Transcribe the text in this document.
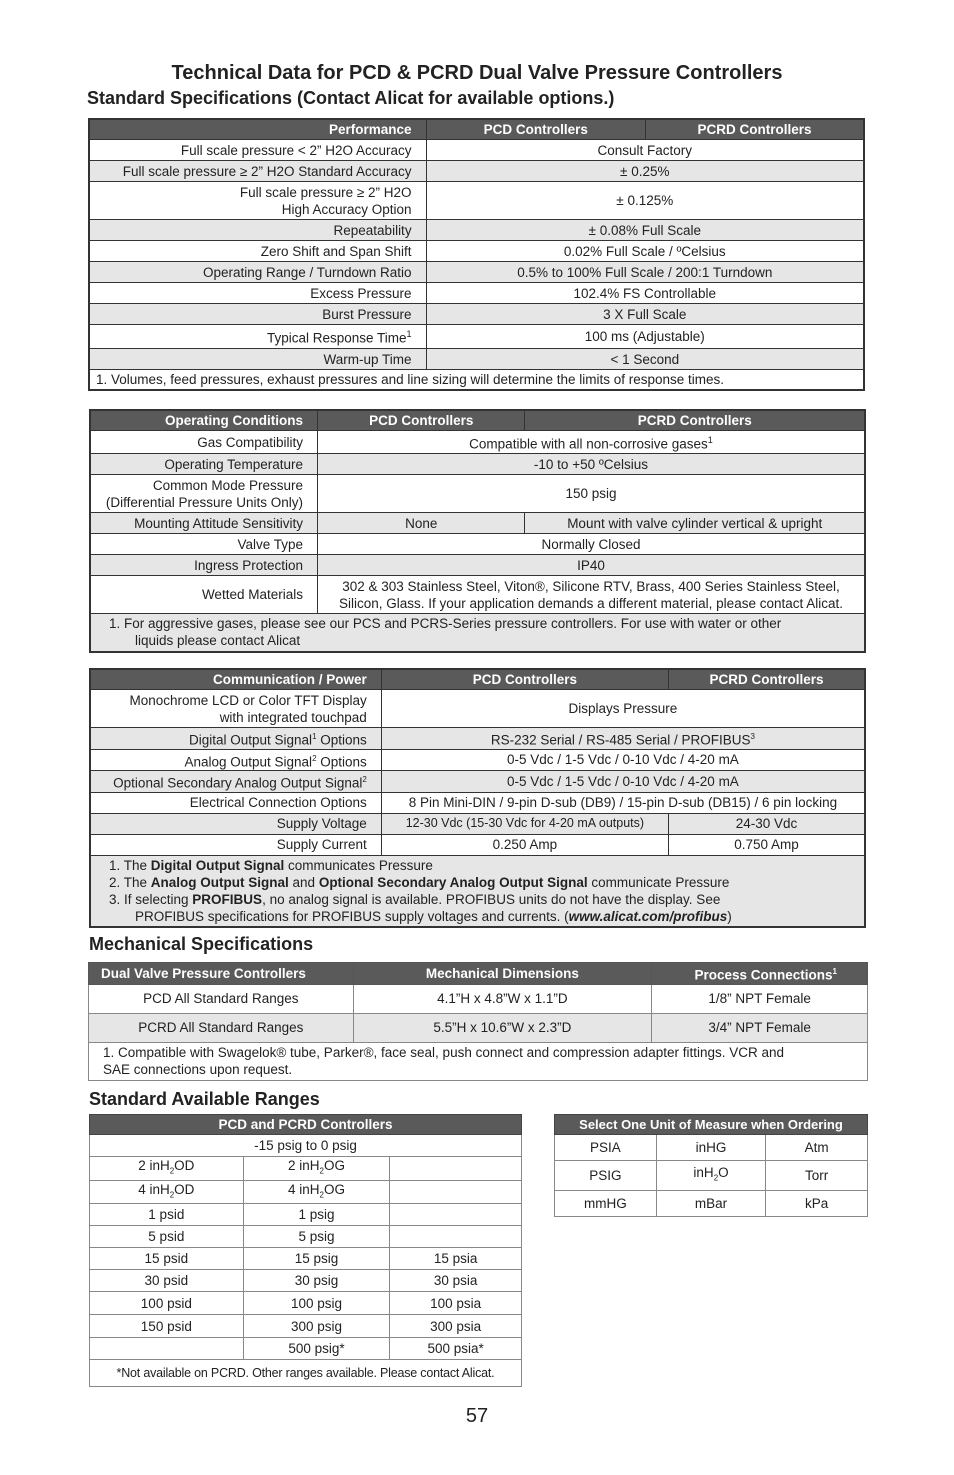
Technical Data for PCD & PCRD Dual Valve Pressure Controllers
Standard Specifications (Contact Alicat for available options.)
Performance	PCD Controllers	PCRD Controllers
Full scale pressure < 2” H2O Accuracy	Consult Factory	
Full scale pressure ≥ 2” H2O Standard Accuracy	± 0.25%	
Full scale pressure ≥ 2” H2O
High Accuracy Option	± 0.125%	
Repeatability	± 0.08% Full Scale	
Zero Shift and Span Shift	0.02% Full Scale / ºCelsius	
Operating Range / Turndown Ratio	0.5% to 100% Full Scale / 200:1 Turndown	
Excess Pressure	102.4% FS Controllable	
Burst Pressure	3 X Full Scale	
Typical Response Time$^1$	100 ms (Adjustable)	
Warm-up Time	< 1 Second	
1. Volumes, feed pressures, exhaust pressures and line sizing will determine the limits of response times.		
Operating Conditions	PCD Controllers	PCRD Controllers
Gas Compatibility	Compatible with all non-corrosive gases$^1$
Operating Temperature	-10 to +50 ºCelsius	
Common Mode Pressure
(Differential Pressure Units Only)	150 psig	
Mounting Attitude Sensitivity	None	Mount with valve cylinder vertical & upright
Valve Type	Normally Closed	
Ingress Protection	IP40	
Wetted Materials	302 & 303 Stainless Steel, Viton®, Silicone RTV, Brass, 400 Series Stainless Steel,
Silicon, Glass. If your application demands a different material, please contact Alicat.	
1. For aggressive gases, please see our PCS and PCRS-Series pressure controllers. For use with water or other
liquids please contact Alicat		
Communication / Power	PCD Controllers	PCRD Controllers
Monochrome LCD or Color TFT Display
with integrated touchpad	Displays Pressure	
Digital Output Signal$^1$ Options	RS-232 Serial / RS-485 Serial / PROFIBUS$^3$
Analog Output Signal$^2$ Options	0-5 Vdc / 1-5 Vdc / 0-10 Vdc / 4-20 mA	
Optional Secondary Analog Output Signal$^2$	0-5 Vdc / 1-5 Vdc / 0-10 Vdc / 4-20 mA	
Electrical Connection Options	8 Pin Mini-DIN / 9-pin D-sub (DB9) / 15-pin D-sub (DB15) / 6 pin locking	
Supply Voltage	12-30 Vdc (15-30 Vdc for 4-20 mA outputs)	24-30 Vdc
Supply Current	0.250 Amp	0.750 Amp

1. The Digital Output Signal communicates Pressure
2. The Analog Output Signal and Optional Secondary Analog Output Signal communicate Pressure
3. If selecting PROFIBUS, no analog signal is available. PROFIBUS units do not have the display. See
PROFIBUS specifications for PROFIBUS supply voltages and currents. (www.alicat.com/profibus)		
Mechanical Specifications
Dual Valve Pressure Controllers	Mechanical Dimensions	Process Connections$^1$
PCD All Standard Ranges	4.1”H x 4.8”W x 1.1”D	1/8” NPT Female
PCRD All Standard Ranges	5.5”H x 10.6”W x 2.3”D	3/4” NPT Female
1. Compatible with Swagelok® tube, Parker®, face seal, push connect and compression adapter fittings. VCR and
SAE connections upon request.		
Standard Available Ranges
PCD and PCRD Controllers		
-15 psig to 0 psig		
2 inH$_2$OD	2 inH$_2$OG	
4 inH$_2$OD	4 inH$_2$OG	
1 psid	1 psig	
5 psid	5 psig	
15 psid	15 psig	15 psia
30 psid	30 psig	30 psia
100 psid	100 psig	100 psia
150 psid	300 psig	300 psia
	500 psig*	500 psia*
*Not available on PCRD. Other ranges available. Please contact Alicat.		
Select One Unit of Measure when Ordering		
PSIA	inHG	Atm
PSIG	inH$_2$O	Torr
mmHG	mBar	kPa
57
